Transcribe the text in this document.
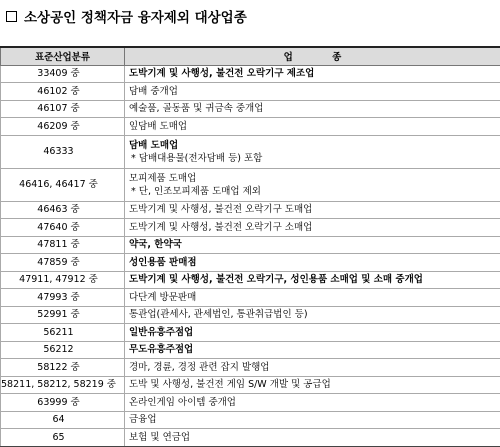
소상공인 정책자금 융자제외 대상업종
표준산업분류	업 종
33409 중	도박기계 및 사행성, 불건전 오락기구 제조업
46102 중	담배 중개업
46107 중	예술품, 골동품 및 귀금속 중개업
46209 중	잎담배 도매업
46333	담배 도매업
* 담배대용물(전자담배 등) 포함

46416, 46417 중	모피제품 도매업
* 단, 인조모피제품 도매업 제외

46463 중	도박기계 및 사행성, 불건전 오락기구 도매업
47640 중	도박기계 및 사행성, 불건전 오락기구 소매업
47811 중	약국, 한약국
47859 중	성인용품 판매점
47911, 47912 중	도박기계 및 사행성, 불건전 오락기구, 성인용품 소매업 및 소매 중개업
47993 중	다단계 방문판매
52991 중	통관업(관세사, 관세법인, 통관취급법인 등)
56211	일반유흥주점업
56212	무도유흥주점업
58122 중	경마, 경륜, 경정 관련 잡지 발행업
58211, 58212, 58219 중	도박 및 사행성, 불건전 게임 S/W 개발 및 공급업
63999 중	온라인게임 아이템 중개업
64	금융업
65	보험 및 연금업
